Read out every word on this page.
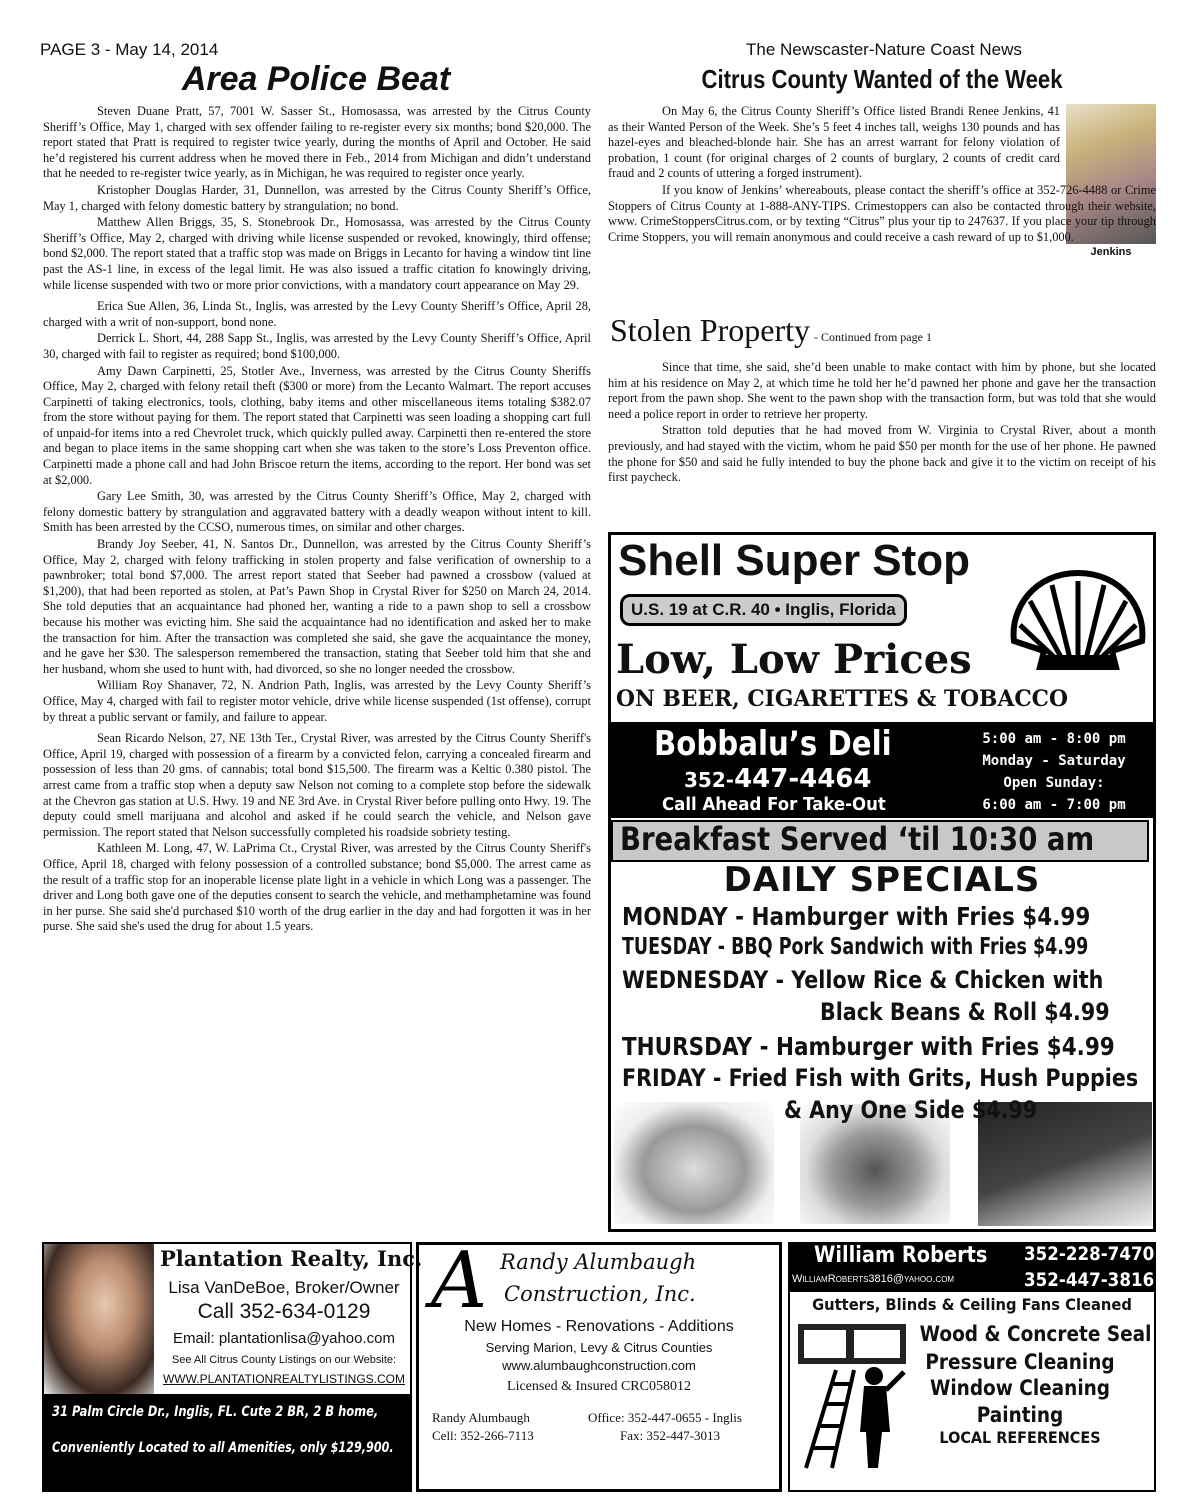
PAGE 3 - May 14, 2014	The Newscaster-Nature Coast News
Area Police Beat

Steven Duane Pratt, 57, 7001 W. Sasser St., Homosassa, was arrested by the Citrus County Sheriff’s Office, May 1, charged with sex offender failing to re-register every six months; bond $20,000. The report stated that Pratt is required to register twice yearly, during the months of April and October. He said he’d registered his current address when he moved there in Feb., 2014 from Michigan and didn’t understand that he needed to re-register twice yearly, as in Michigan, he was required to register once yearly.

Kristopher Douglas Harder, 31, Dunnellon, was arrested by the Citrus County Sheriff’s Office, May 1, charged with felony domestic battery by strangulation; no bond.

Matthew Allen Briggs, 35, S. Stonebrook Dr., Homosassa, was arrested by the Citrus County Sheriff’s Office, May 2, charged with driving while license suspended or revoked, knowingly, third offense; bond $2,000. The report stated that a traffic stop was made on Briggs in Lecanto for having a window tint line past the AS-1 line, in excess of the legal limit. He was also issued a traffic citation fo knowingly driving, while license suspended with two or more prior convictions, with a mandatory court appearance on May 29.

Erica Sue Allen, 36, Linda St., Inglis, was arrested by the Levy County Sheriff’s Office, April 28, charged with a writ of non-support, bond none.

Derrick L. Short, 44, 288 Sapp St., Inglis, was arrested by the Levy County Sheriff’s Office, April 30, charged with fail to register as required; bond $100,000.

Amy Dawn Carpinetti, 25, Stotler Ave., Inverness, was arrested by the Citrus County Sheriffs Office, May 2, charged with felony retail theft ($300 or more) from the Lecanto Walmart. The report accuses Carpinetti of taking electronics, tools, clothing, baby items and other miscellaneous items totaling $382.07 from the store without paying for them. The report stated that Carpinetti was seen loading a shopping cart full of unpaid-for items into a red Chevrolet truck, which quickly pulled away. Carpinetti then re-entered the store and began to place items in the same shopping cart when she was taken to the store’s Loss Preventon office. Carpinetti made a phone call and had John Briscoe return the items, according to the report. Her bond was set at $2,000.

Gary Lee Smith, 30, was arrested by the Citrus County Sheriff’s Office, May 2, charged with felony domestic battery by strangulation and aggravated battery with a deadly weapon without intent to kill. Smith has been arrested by the CCSO, numerous times, on similar and other charges.

Brandy Joy Seeber, 41, N. Santos Dr., Dunnellon, was arrested by the Citrus County Sheriff’s Office, May 2, charged with felony trafficking in stolen property and false verification of ownership to a pawnbroker; total bond $7,000. The arrest report stated that Seeber had pawned a crossbow (valued at $1,200), that had been reported as stolen, at Pat’s Pawn Shop in Crystal River for $250 on March 24, 2014. She told deputies that an acquaintance had phoned her, wanting a ride to a pawn shop to sell a crossbow because his mother was evicting him. She said the acquaintance had no identification and asked her to make the transaction for him. After the transaction was completed she said, she gave the acquaintance the money, and he gave her $30. The salesperson remembered the transaction, stating that Seeber told him that she and her husband, whom she used to hunt with, had divorced, so she no longer needed the crossbow.

William Roy Shanaver, 72, N. Andrion Path, Inglis, was arrested by the Levy County Sheriff’s Office, May 4, charged with fail to register motor vehicle, drive while license suspended (1st offense), corrupt by threat a public servant or family, and failure to appear.

Sean Ricardo Nelson, 27, NE 13th Ter., Crystal River, was arrested by the Citrus County Sheriff's Office, April 19, charged with possession of a firearm by a convicted felon, carrying a concealed firearm and possession of less than 20 gms. of cannabis; total bond $15,500. The firearm was a Keltic 0.380 pistol. The arrest came from a traffic stop when a deputy saw Nelson not coming to a complete stop before the sidewalk at the Chevron gas station at U.S. Hwy. 19 and NE 3rd Ave. in Crystal River before pulling onto Hwy. 19. The deputy could smell marijuana and alcohol and asked if he could search the vehicle, and Nelson gave permission. The report stated that Nelson successfully completed his roadside sobriety testing.

Kathleen M. Long, 47, W. LaPrima Ct., Crystal River, was arrested by the Citrus County Sheriff's Office, April 18, charged with felony possession of a controlled substance; bond $5,000. The arrest came as the result of a traffic stop for an inoperable license plate light in a vehicle in which Long was a passenger. The driver and Long both gave one of the deputies consent to search the vehicle, and methamphetamine was found in her purse. She said she'd purchased $10 worth of the drug earlier in the day and had forgotten it was in her purse. She said she's used the drug for about 1.5 years.

Citrus County Wanted of the Week
Jenkins

On May 6, the Citrus County Sheriff’s Office listed Brandi Renee Jenkins, 41 as their Wanted Person of the Week. She’s 5 feet 4 inches tall, weighs 130 pounds and has hazel-eyes and bleached-blonde hair. She has an arrest warrant for felony violation of probation, 1 count (for original charges of 2 counts of burglary, 2 counts of credit card fraud and 2 counts of uttering a forged instrument).

If you know of Jenkins’ whereabouts, please contact the sheriff’s office at 352-726-4488 or Crime Stoppers of Citrus County at 1-888-ANY-TIPS. Crimestoppers can also be contacted through their website, www. CrimeStoppersCitrus.com, or by texting “Citrus” plus your tip to 247637. If you place your tip through Crime Stoppers, you will remain anonymous and could receive a cash reward of up to $1,000.

Stolen Property - Continued from page 1

Since that time, she said, she’d been unable to make contact with him by phone, but she located him at his residence on May 2, at which time he told her he’d pawned her phone and gave her the transaction report from the pawn shop. She went to the pawn shop with the transaction form, but was told that she would need a police report in order to retrieve her property.

Stratton told deputies that he had moved from W. Virginia to Crystal River, about a month previously, and had stayed with the victim, whom he paid $50 per month for the use of her phone. He pawned the phone for $50 and said he fully intended to buy the phone back and give it to the victim on receipt of his first paycheck.

Shell Super Stop
U.S. 19 at C.R. 40 • Inglis, Florida
Low, Low Prices
ON BEER, CIGARETTES & TOBACCO
Bobbalu’s Deli
352-447-4464
Call Ahead For Take-Out
5:00 am - 8:00 pm
Monday - Saturday
Open Sunday:
6:00 am - 7:00 pm
Breakfast Served ‘til 10:30 am
DAILY SPECIALS
MONDAY - Hamburger with Fries $4.99
TUESDAY - BBQ Pork Sandwich with Fries $4.99
WEDNESDAY - Yellow Rice & Chicken with
Black Beans & Roll $4.99
THURSDAY - Hamburger with Fries $4.99
FRIDAY - Fried Fish with Grits, Hush Puppies
& Any One Side $4.99
Plantation Realty, Inc.
Lisa VanDeBoe, Broker/Owner
Call 352-634-0129
Email: plantationlisa@yahoo.com
See All Citrus County Listings on our Website:
WWW.PLANTATIONREALTYLISTINGS.COM
31 Palm Circle Dr., Inglis, FL. Cute 2 BR, 2 B home,
Conveniently Located to all Amenities, only $129,900.
A Randy Alumbaugh
Construction, Inc.
New Homes - Renovations - Additions
Serving Marion, Levy & Citrus Counties
www.alumbaughconstruction.com
Licensed & Insured CRC058012
Randy Alumbaugh
Cell: 352-266-7113
Office: 352-447-0655 - Inglis
Fax: 352-447-3013
William Roberts
WilliamRoberts3816@yahoo.com
352-228-7470
352-447-3816
Gutters, Blinds & Ceiling Fans Cleaned
Wood & Concrete Seal
Pressure Cleaning
Window Cleaning
Painting
LOCAL REFERENCES
